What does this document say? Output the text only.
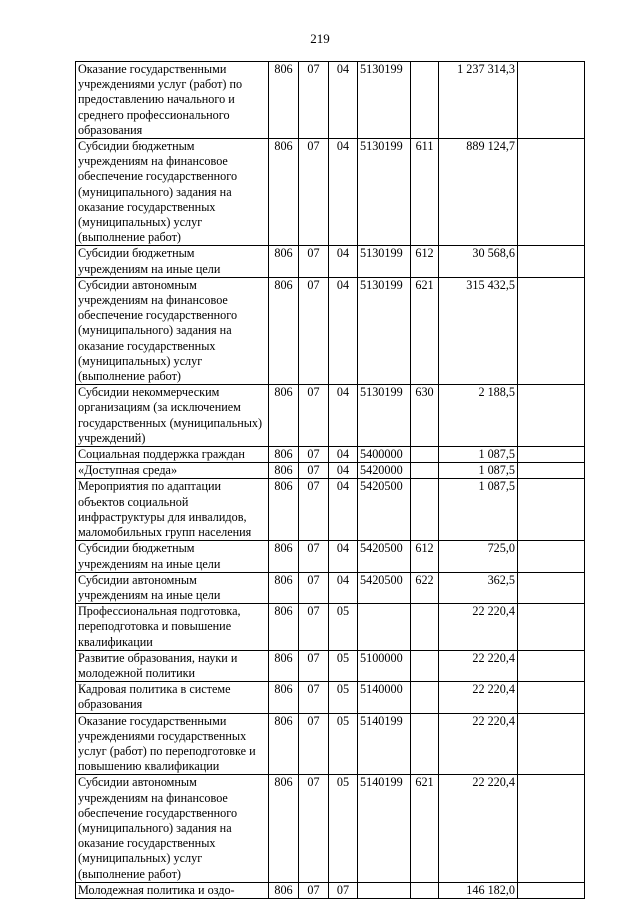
219
Оказание государственными учреждениями услуг (работ) по предоставлению начального и среднего профессионального образования	806	07	04	5130199		1 237 314,3	
Субсидии бюджетным учреждениям на финансовое обеспечение государственного (муниципального) задания на оказание государственных (муниципальных) услуг (выполнение работ)	806	07	04	5130199	611	889 124,7	
Субсидии бюджетным учреждениям на иные цели	806	07	04	5130199	612	30 568,6	
Субсидии автономным учреждениям на финансовое обеспечение государственного (муниципального) задания на оказание государственных (муниципальных) услуг (выполнение работ)	806	07	04	5130199	621	315 432,5	
Субсидии некоммерческим организациям (за исключением государственных (муниципальных) учреждений)	806	07	04	5130199	630	2 188,5	
Социальная поддержка граждан	806	07	04	5400000		1 087,5	
«Доступная среда»	806	07	04	5420000		1 087,5	
Мероприятия по адаптации объектов социальной инфраструктуры для инвалидов, маломобильных групп населения	806	07	04	5420500		1 087,5	
Субсидии бюджетным учреждениям на иные цели	806	07	04	5420500	612	725,0	
Субсидии автономным учреждениям на иные цели	806	07	04	5420500	622	362,5	
Профессиональная подготовка, переподготовка и повышение квалификации	806	07	05			22 220,4	
Развитие образования, науки и молодежной политики	806	07	05	5100000		22 220,4	
Кадровая политика в системе образования	806	07	05	5140000		22 220,4	
Оказание государственными учреждениями государственных услуг (работ) по переподготовке и повышению квалификации	806	07	05	5140199		22 220,4	
Субсидии автономным учреждениям на финансовое обеспечение государственного (муниципального) задания на оказание государственных (муниципальных) услуг (выполнение работ)	806	07	05	5140199	621	22 220,4	
Молодежная политика и оздо-	806	07	07			146 182,0	
